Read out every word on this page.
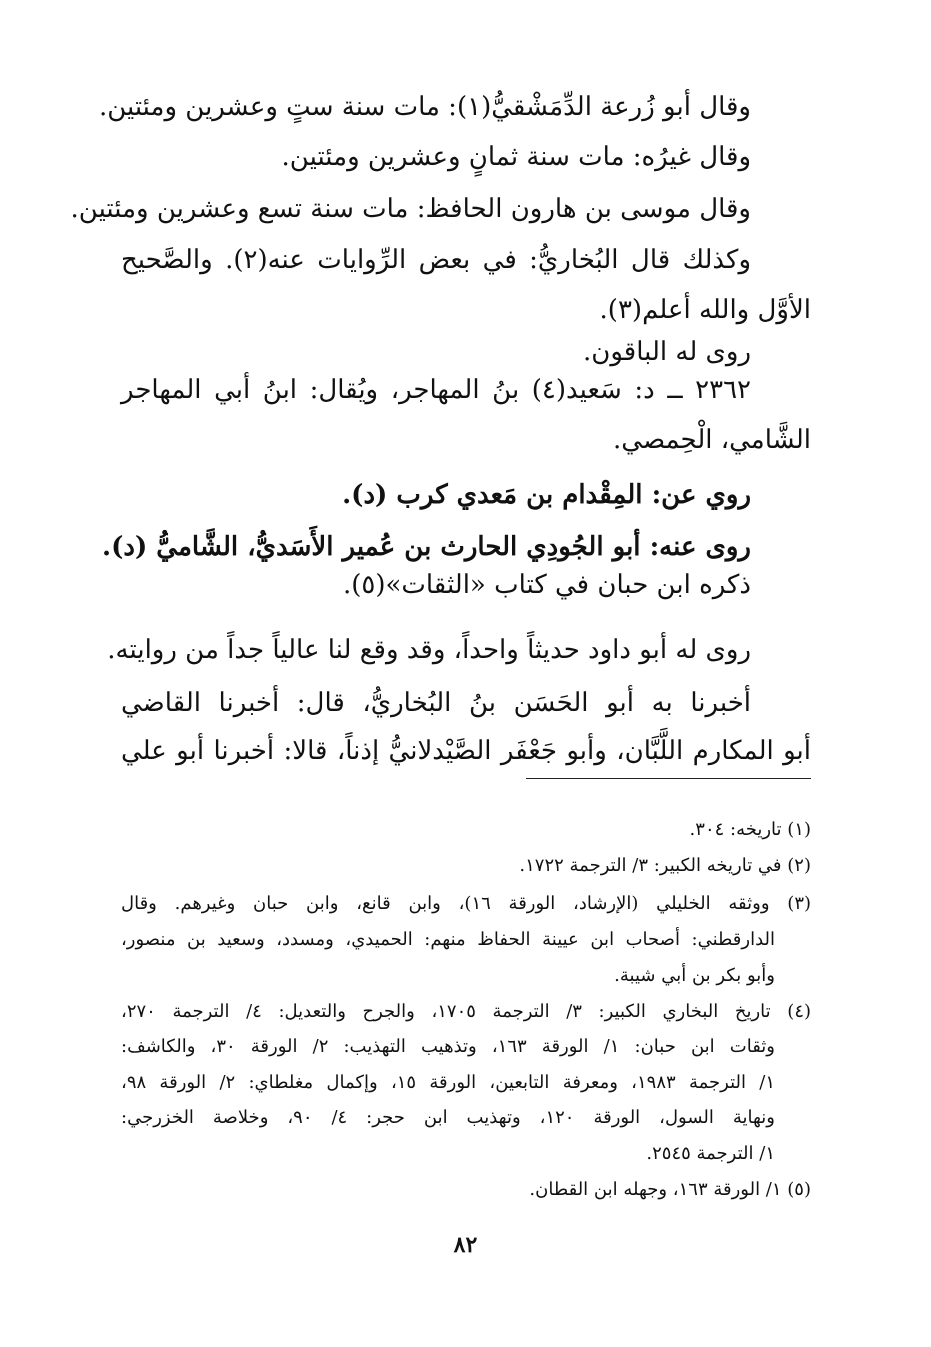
وقال أبو زُرعة الدِّمَشْقيُّ(١): مات سنة ستٍ وعشرين ومئتين.
وقال غيرُه: مات سنة ثمانٍ وعشرين ومئتين.
وقال موسى بن هارون الحافظ: مات سنة تسع وعشرين ومئتين.
وكذلك قال البُخاريُّ: في بعض الرِّوايات عنه(٢). والصَّحيح
الأوَّل والله أعلم(٣).
روى له الباقون.
٢٣٦٢ ــ د: سَعيد(٤) بنُ المهاجر، ويُقال: ابنُ أبي المهاجر
الشَّامي، الْحِمصي.
روي عن: المِقْدام بن مَعدي كرب (د).
روى عنه: أبو الجُودِي الحارث بن عُمير الأَسَديُّ، الشَّاميُّ (د).
ذكره ابن حبان في كتاب «الثقات»(٥).
روى له أبو داود حديثاً واحداً، وقد وقع لنا عالياً جداً من روايته.
أخبرنا به أبو الحَسَن بنُ البُخاريُّ، قال: أخبرنا القاضي
أبو المكارم اللَّبَّان، وأبو جَعْفَر الصَّيْدلانيُّ إذناً، قالا: أخبرنا أبو علي
(١) تاريخه: ٣٠٤.
(٢) في تاريخه الكبير: ٣/ الترجمة ١٧٢٢.
(٣) ووثقه الخليلي (الإرشاد، الورقة ١٦)، وابن قانع، وابن حبان وغيرهم. وقال
الدارقطني: أصحاب ابن عيينة الحفاظ منهم: الحميدي، ومسدد، وسعيد بن منصور،
وأبو بكر بن أبي شيبة.
(٤) تاريخ البخاري الكبير: ٣/ الترجمة ١٧٠٥، والجرح والتعديل: ٤/ الترجمة ٢٧٠،
وثقات ابن حبان: ١/ الورقة ١٦٣، وتذهيب التهذيب: ٢/ الورقة ٣٠، والكاشف:
١/ الترجمة ١٩٨٣، ومعرفة التابعين، الورقة ١٥، وإكمال مغلطاي: ٢/ الورقة ٩٨،
ونهاية السول، الورقة ١٢٠، وتهذيب ابن حجر: ٤/ ٩٠، وخلاصة الخزرجي:
١/ الترجمة ٢٥٤٥.
(٥) ١/ الورقة ١٦٣، وجهله ابن القطان.
٨٢
